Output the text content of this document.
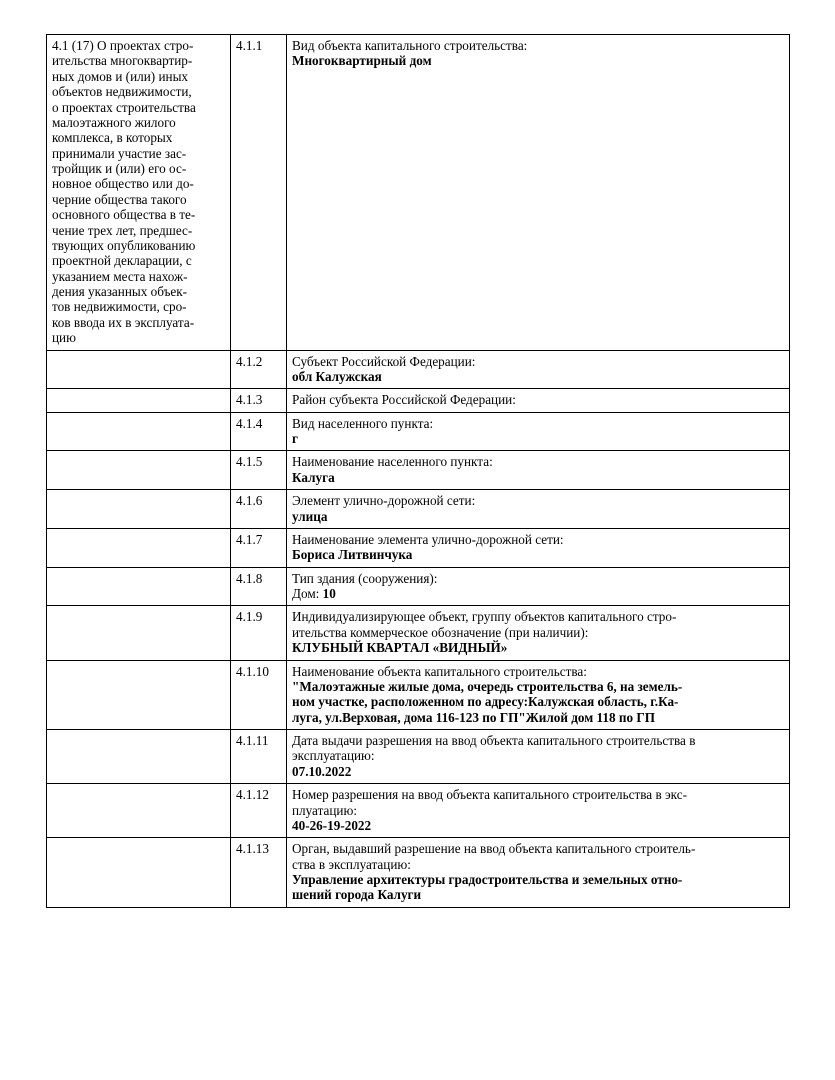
4.1 (17) О проектах стро-
ительства многоквартир-
ных домов и (или) иных
объектов недвижимости,
о проектах строительства
малоэтажного жилого
комплекса, в которых
принимали участие зас-
тройщик и (или) его ос-
новное общество или до-
черние общества такого
основного общества в те-
чение трех лет, предшес-
твующих опубликованию
проектной декларации, с
указанием места нахож-
дения указанных объек-
тов недвижимости, сро-
ков ввода их в эксплуата-
цию
	4.1.1	Вид объекта капитального строительства:
Многоквартирный дом

	4.1.2	Субъект Российской Федерации:
обл Калужская

	4.1.3	Район субъекта Российской Федерации:

	4.1.4	Вид населенного пункта:
г

	4.1.5	Наименование населенного пункта:
Калуга

	4.1.6	Элемент улично-дорожной сети:
улица

	4.1.7	Наименование элемента улично-дорожной сети:
Бориса Литвинчука

	4.1.8	Тип здания (сооружения):
Дом: 10

	4.1.9	Индивидуализирующее объект, группу объектов капитального стро-
ительства коммерческое обозначение (при наличии):
КЛУБНЫЙ КВАРТАЛ «ВИДНЫЙ»

	4.1.10	Наименование объекта капитального строительства:
"Малоэтажные жилые дома, очередь строительства 6, на земель-
ном участке, расположенном по адресу:Калужская область, г.Ка-
луга, ул.Верховая, дома 116-123 по ГП"Жилой дом 118 по ГП

	4.1.11	Дата выдачи разрешения на ввод объекта капитального строительства в
эксплуатацию:
07.10.2022

	4.1.12	Номер разрешения на ввод объекта капитального строительства в экс-
плуатацию:
40-26-19-2022

	4.1.13	Орган, выдавший разрешение на ввод объекта капитального строитель-
ства в эксплуатацию:
Управление архитектуры градостроительства и земельных отно-
шений города Калуги
